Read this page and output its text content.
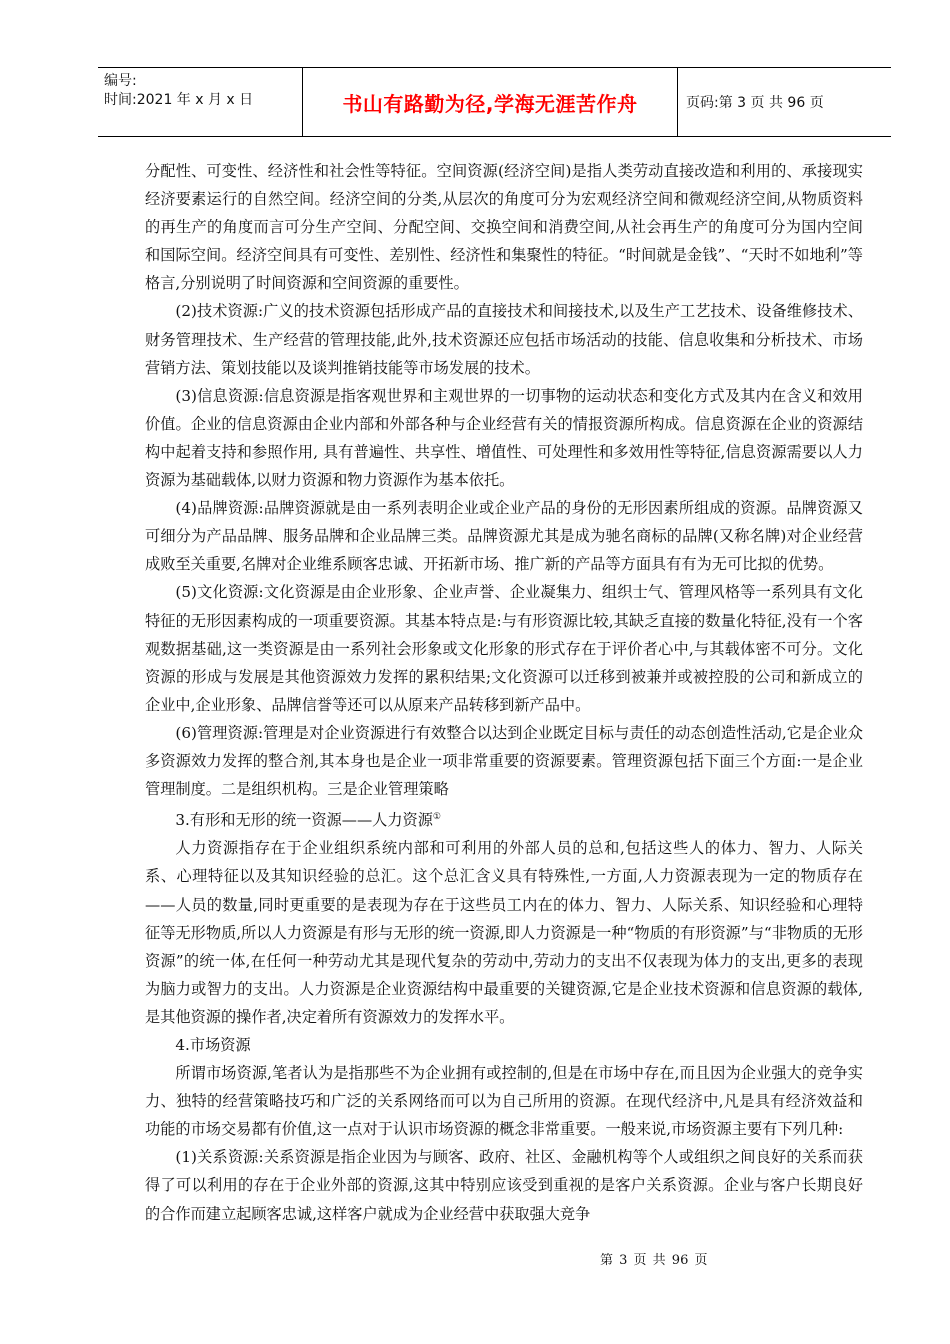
编号:
时间:2021 年 x 月 x 日	书山有路勤为径,学海无涯苦作舟	页码:第 3 页 共 96 页

分配性、可变性、经济性和社会性等特征。空间资源(经济空间)是指人类劳动直接改造和利用的、承接现实经济要素运行的自然空间。经济空间的分类,从层次的角度可分为宏观经济空间和微观经济空间,从物质资料的再生产的角度而言可分生产空间、分配空间、交换空间和消费空间,从社会再生产的角度可分为国内空间和国际空间。经济空间具有可变性、差别性、经济性和集聚性的特征。“时间就是金钱”、“天时不如地利”等格言,分别说明了时间资源和空间资源的重要性。

(2)技术资源:广义的技术资源包括形成产品的直接技术和间接技术,以及生产工艺技术、设备维修技术、财务管理技术、生产经营的管理技能,此外,技术资源还应包括市场活动的技能、信息收集和分析技术、市场营销方法、策划技能以及谈判推销技能等市场发展的技术。

(3)信息资源:信息资源是指客观世界和主观世界的一切事物的运动状态和变化方式及其内在含义和效用价值。企业的信息资源由企业内部和外部各种与企业经营有关的情报资源所构成。信息资源在企业的资源结构中起着支持和参照作用, 具有普遍性、共享性、增值性、可处理性和多效用性等特征,信息资源需要以人力资源为基础载体,以财力资源和物力资源作为基本依托。

(4)品牌资源:品牌资源就是由一系列表明企业或企业产品的身份的无形因素所组成的资源。品牌资源又可细分为产品品牌、服务品牌和企业品牌三类。品牌资源尤其是成为驰名商标的品牌(又称名牌)对企业经营成败至关重要,名牌对企业维系顾客忠诚、开拓新市场、推广新的产品等方面具有有为无可比拟的优势。

(5)文化资源:文化资源是由企业形象、企业声誉、企业凝集力、组织士气、管理风格等一系列具有文化特征的无形因素构成的一项重要资源。其基本特点是:与有形资源比较,其缺乏直接的数量化特征,没有一个客观数据基础,这一类资源是由一系列社会形象或文化形象的形式存在于评价者心中,与其载体密不可分。文化资源的形成与发展是其他资源效力发挥的累积结果;文化资源可以迁移到被兼并或被控股的公司和新成立的企业中,企业形象、品牌信誉等还可以从原来产品转移到新产品中。

(6)管理资源:管理是对企业资源进行有效整合以达到企业既定目标与责任的动态创造性活动,它是企业众多资源效力发挥的整合剂,其本身也是企业一项非常重要的资源要素。管理资源包括下面三个方面:一是企业管理制度。二是组织机构。三是企业管理策略

3.有形和无形的统一资源——人力资源①

人力资源指存在于企业组织系统内部和可利用的外部人员的总和,包括这些人的体力、智力、人际关系、心理特征以及其知识经验的总汇。这个总汇含义具有特殊性,一方面,人力资源表现为一定的物质存在——人员的数量,同时更重要的是表现为存在于这些员工内在的体力、智力、人际关系、知识经验和心理特征等无形物质,所以人力资源是有形与无形的统一资源,即人力资源是一种“物质的有形资源”与“非物质的无形资源”的统一体,在任何一种劳动尤其是现代复杂的劳动中,劳动力的支出不仅表现为体力的支出,更多的表现为脑力或智力的支出。人力资源是企业资源结构中最重要的关键资源,它是企业技术资源和信息资源的载体, 是其他资源的操作者,决定着所有资源效力的发挥水平。

4.市场资源

所谓市场资源,笔者认为是指那些不为企业拥有或控制的,但是在市场中存在,而且因为企业强大的竞争实力、独特的经营策略技巧和广泛的关系网络而可以为自己所用的资源。在现代经济中,凡是具有经济效益和功能的市场交易都有价值,这一点对于认识市场资源的概念非常重要。一般来说,市场资源主要有下列几种:

(1)关系资源:关系资源是指企业因为与顾客、政府、社区、金融机构等个人或组织之间良好的关系而获得了可以利用的存在于企业外部的资源,这其中特别应该受到重视的是客户关系资源。企业与客户长期良好的合作而建立起顾客忠诚,这样客户就成为企业经营中获取强大竞争

第 3 页 共 96 页
